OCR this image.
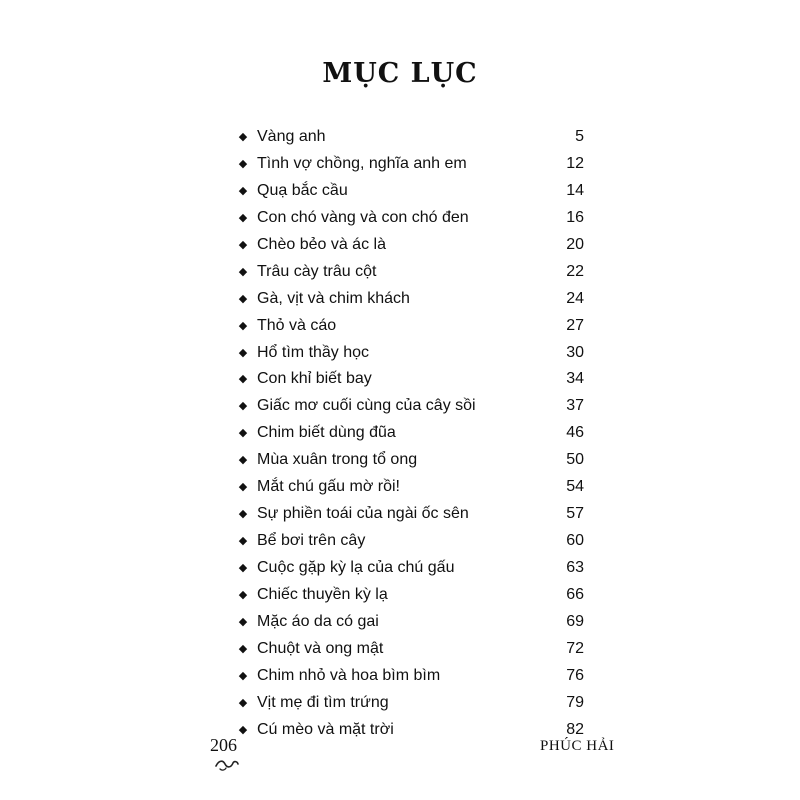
MỤC LỤC
◆ Vàng anh	5
◆ Tình vợ chồng, nghĩa anh em	12
◆ Quạ bắc cầu	14
◆ Con chó vàng và con chó đen	16
◆ Chèo bẻo và ác là	20
◆ Trâu cày trâu cột	22
◆ Gà, vịt và chim khách	24
◆ Thỏ và cáo	27
◆ Hổ tìm thầy học	30
◆ Con khỉ biết bay	34
◆ Giấc mơ cuối cùng của cây sồi	37
◆ Chim biết dùng đũa	46
◆ Mùa xuân trong tổ ong	50
◆ Mắt chú gấu mờ rồi!	54
◆ Sự phiền toái của ngài ốc sên	57
◆ Bể bơi trên cây	60
◆ Cuộc gặp kỳ lạ của chú gấu	63
◆ Chiếc thuyền kỳ lạ	66
◆ Mặc áo da có gai	69
◆ Chuột và ong mật	72
◆ Chim nhỏ và hoa bìm bìm	76
◆ Vịt mẹ đi tìm trứng	79
◆ Cú mèo và mặt trời	82
206	PHÚC HẢI
